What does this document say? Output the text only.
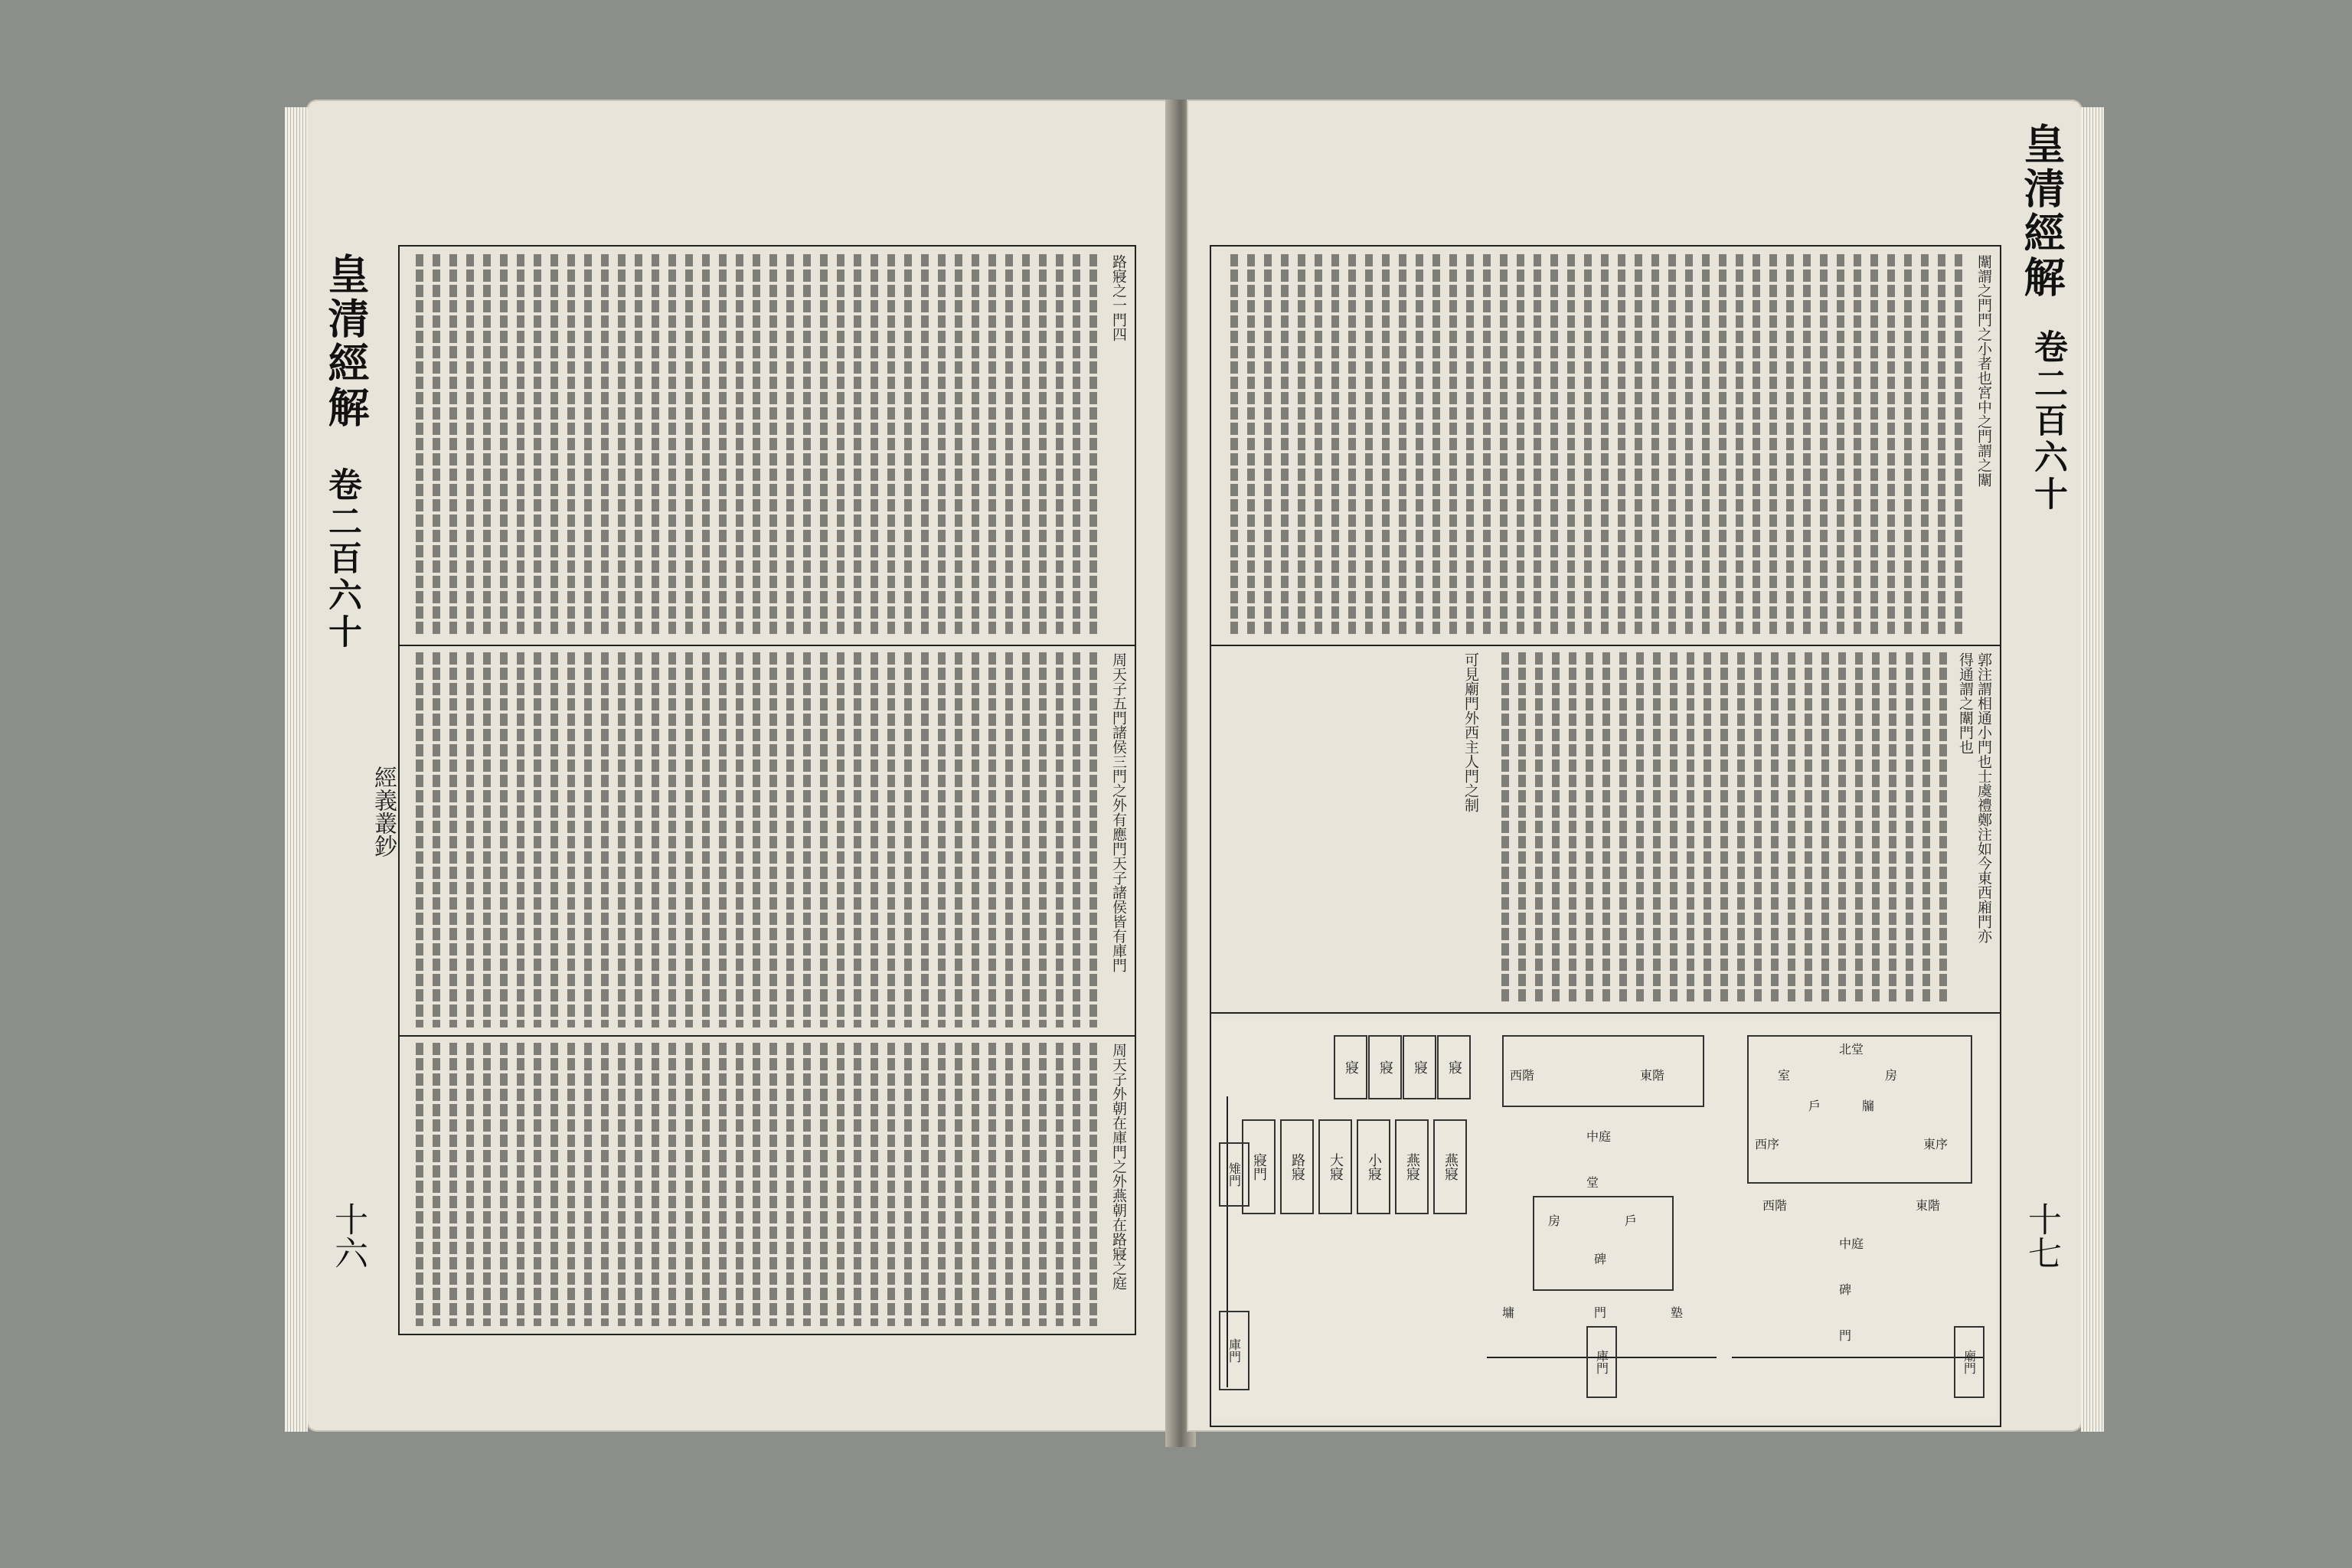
皇清經解
卷二百六十
經義叢鈔
十六
路寢之一門四
周天子五門諸侯三門之外有應門天子諸侯皆有庫門
周天子外朝在庫門之外燕朝在路寢之庭
皇清經解
卷二百六十
十七
闈謂之門門之小者也宮中之門謂之闈
郭注謂相通小門也士虞禮鄭注如今東西廂門亦
得通謂之闈門也
可見廟門外西主人門之制
寢	寢	寢	寢
寢門	路寢	大寢	小寢	燕寢	燕寢
庫門
雉門
西階	東階
中庭
堂
房	戶
碑
門
墉	塾
庫門
北堂
室	房
戶	牖
東序
西序
東階
西階
中庭
碑
門
廟門
